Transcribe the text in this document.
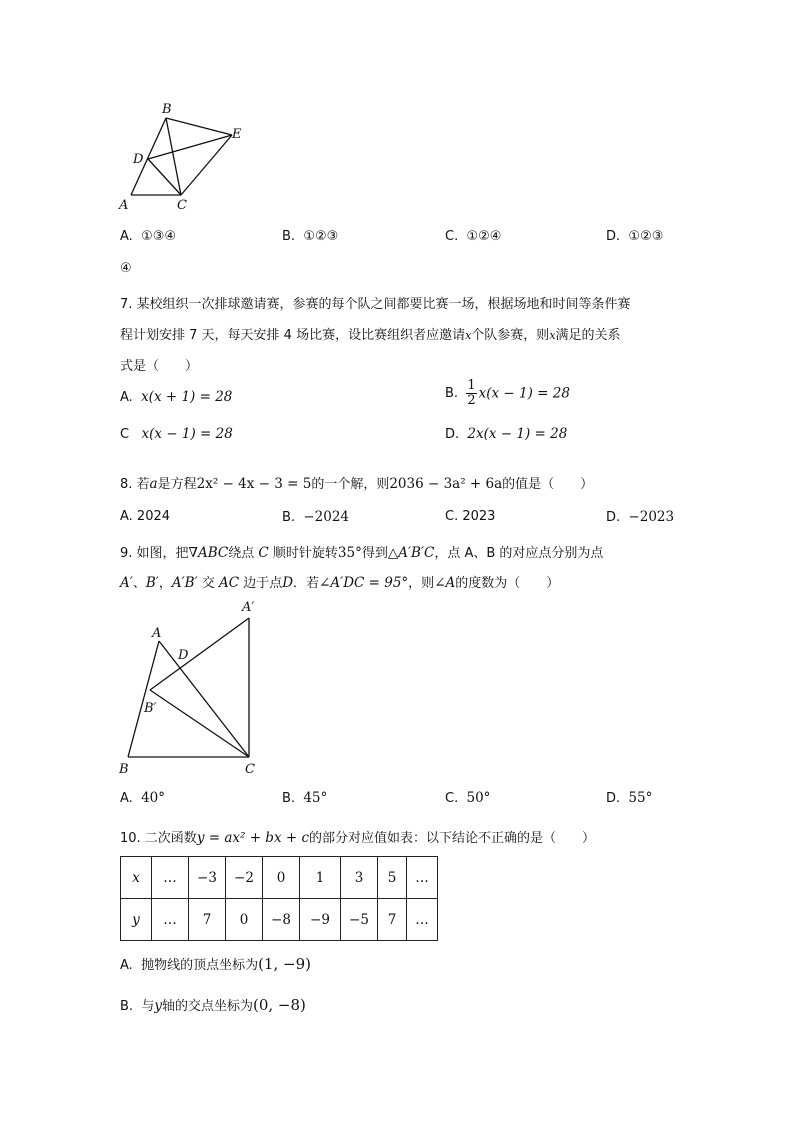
B
E
D
A	C
A. ①③④	B. ①②③	C. ①②④	D. ①②③
④
7. 某校组织一次排球邀请赛，参赛的每个队之间都要比赛一场，根据场地和时间等条件赛
程计划安排 7 天，每天安排 4 场比赛，设比赛组织者应邀请x个队参赛，则x满足的关系
式是（　　）
A. x(x + 1) = 28	B. $\frac{1}{2} x(x - 1) = 28$
C x(x − 1) = 28	D. 2x(x − 1) = 28
8. 若a是方程2x² − 4x − 3 = 5的一个解，则2036 − 3a² + 6a的值是（　　）
A. 2024	B. −2024	C. 2023	D. −2023
9. 如图，把∇ABC绕点 C 顺时针旋转35°得到△A′B′C，点 A、B 的对应点分别为点
A′、B′，A′B′ 交 AC 边于点D．若∠A′DC = 95°，则∠A的度数为（　　）
A′
A
D
B′
B	C
A. 40°	B. 45°	C. 50°	D. 55°
10. 二次函数y = ax² + bx + c的部分对应值如表：以下结论不正确的是（　　）
x	…	−3	−2	0	1	3	5	…
y	…	7	0	−8	−9	−5	7	…
A. 抛物线的顶点坐标为(1, −9)
B. 与y轴的交点坐标为(0, −8)
